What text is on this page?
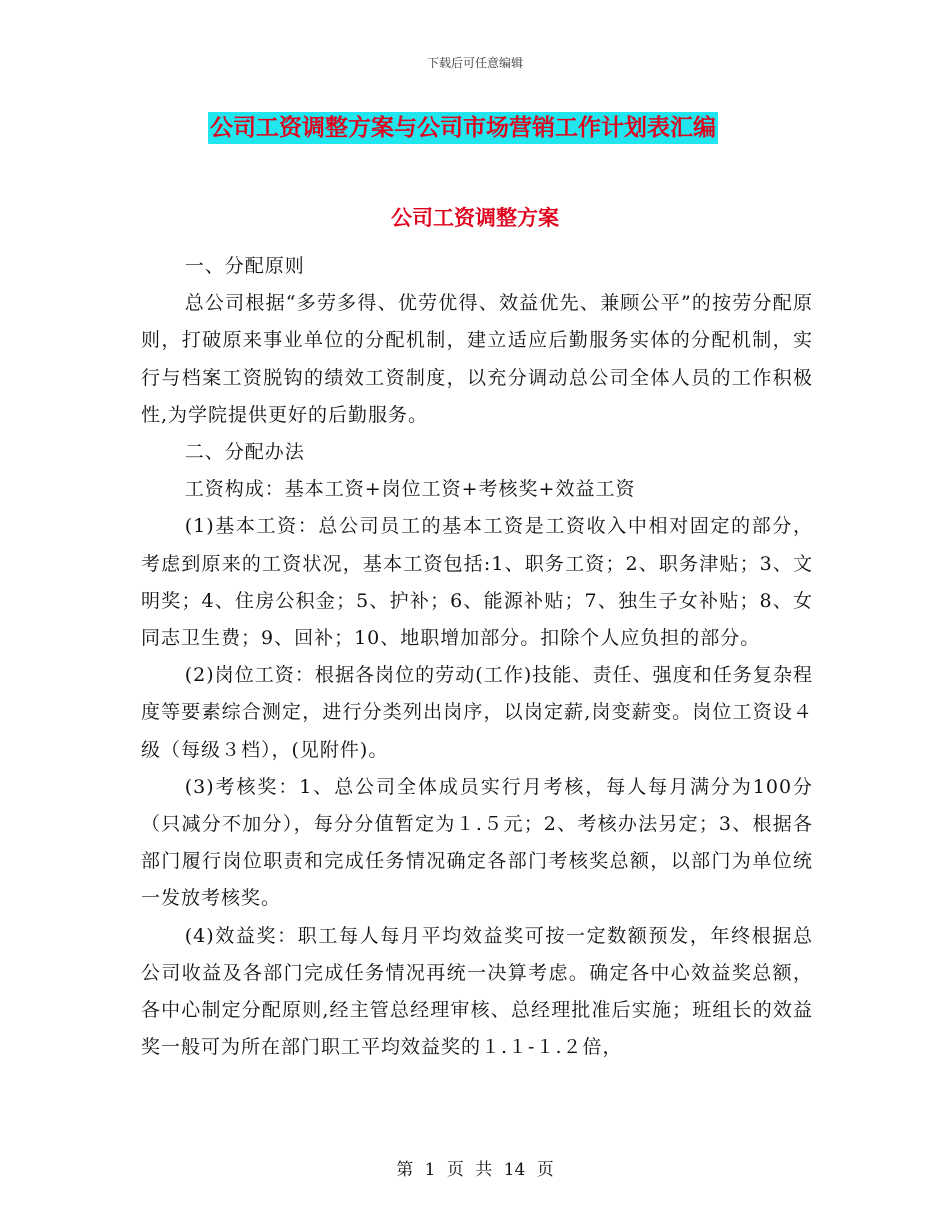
下载后可任意编辑
公司工资调整方案与公司市场营销工作计划表汇编
公司工资调整方案

一、分配原则

总公司根据“多劳多得、优劳优得、效益优先、兼顾公平”的按劳分配原则，打破原来事业单位的分配机制，建立适应后勤服务实体的分配机制，实行与档案工资脱钩的绩效工资制度，以充分调动总公司全体人员的工作积极性,为学院提供更好的后勤服务。

二、分配办法

工资构成：基本工资+岗位工资+考核奖+效益工资

(1)基本工资：总公司员工的基本工资是工资收入中相对固定的部分，考虑到原来的工资状况，基本工资包括:1、职务工资；2、职务津贴；3、文明奖；4、住房公积金；5、护补；6、能源补贴；7、独生子女补贴；8、女同志卫生费；9、回补；10、地职增加部分。扣除个人应负担的部分。

(2)岗位工资：根据各岗位的劳动(工作)技能、责任、强度和任务复杂程度等要素综合测定，进行分类列出岗序，以岗定薪,岗变薪变。岗位工资设４级（每级３档），(见附件)。

(3)考核奖：1、总公司全体成员实行月考核，每人每月满分为100分（只减分不加分），每分分值暂定为１.５元；2、考核办法另定；3、根据各部门履行岗位职责和完成任务情况确定各部门考核奖总额，以部门为单位统一发放考核奖。

(4)效益奖：职工每人每月平均效益奖可按一定数额预发，年终根据总公司收益及各部门完成任务情况再统一决算考虑。确定各中心效益奖总额，各中心制定分配原则,经主管总经理审核、总经理批准后实施；班组长的效益奖一般可为所在部门职工平均效益奖的１.１-１.２倍，

第 1 页 共 14 页
